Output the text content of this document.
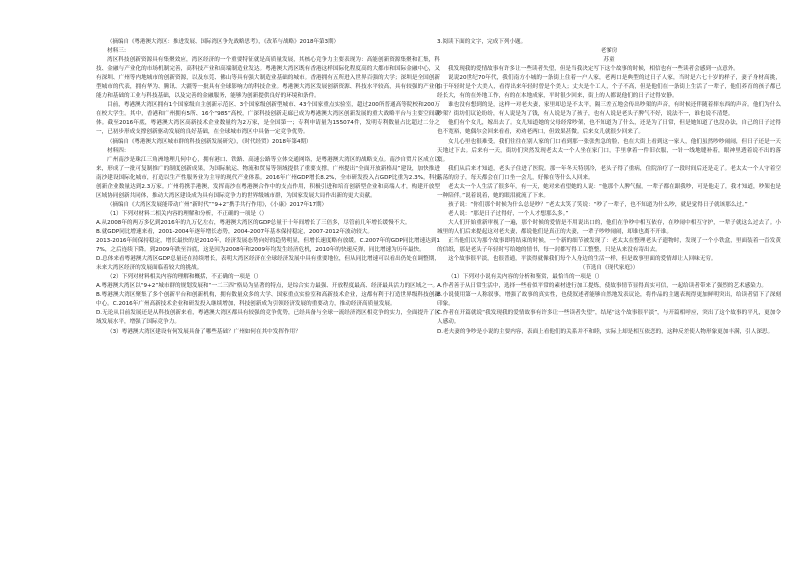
（摘编自《粤港澳大湾区：推进发展、国际湾区争先战略思考》，《改革与战略》2018年第3期）

材料三：

湾区科技创新资源具有集聚效应，湾区经济的一个重要特征就是高质量发展，其核心竞争力主要表现为：高能创新资源集聚和汇集，科技、金融与产业化的市场机制完善，高科技产业和高端制造业发达。粤港澳大湾区既有香港这样国际化程度高的大都市和国际金融中心，又有深圳、广州等内地城市的创新资源，以及东莞、佛山等具有强大制造业基础的城市。香港拥有五所进入世界百强的大学；深圳是全国创新型城市的代表，拥有华为、腾讯、大疆等一批具有全球影响力的科技企业。粤港澳大湾区发展创新资源、科技水平较高，具有较强的产业化能力和基础的工业与科技基础，以及完善的金融服务，能够为创新提供良好的环境和条件。

目前，粤港澳大湾区拥有1个国家级自主创新示范区、3个国家级创新型城市、43个国家重点实验室，超过200所普通高等院校和200万在校大学生。其中，香港和广州拥有5所、16个“985”高校，广深科技创新走廊已成为粤港澳大湾区创新发展的重大战略平台与主要空间载体。截至2016年底，粤港澳大湾区高新技术企业数量约为2万家，是全国第一；专利申请量为155074件，发明专利数量占比超过二分之一，已初步形成支撑创新驱动发展的良好基础，在全球城市湾区中具备一定竞争优势。

（摘编自《粤港澳大湾区城市群的科技创新发展研究》，《时代经贸》2018年第4期）

材料四：

广州南沙是珠江三角洲地理几何中心，拥有港口、铁路、高速公路等立体交通网络，是粤港澳大湾区的战略支点。南沙自贸片区成立以来，形成了一批可复制推广的制度创新成果，为国际航运、物流和贸易等领域提供了重要支撑。广州提出“全面开放新格局”建设，加快推进南沙建设国际化城市，打造以生产性服务业为主导的现代产业体系。2016年广州GDP增长8.2%，全市研发投入占GDP比重为2.3%，科技创新企业数量达到2.3万家。广州将携手港澳，发挥南沙在粤港澳合作中的支点作用，积极引进和培育创新型企业和高端人才，构建开放型区域协同创新共同体，推动大湾区建设成为具有国际竞争力的世界级城市群，为国家发展大局作出新的更大贡献。

（摘编自《大湾区发展能带动广州“新时代”“9+2”携手共行作用》，《小康》2017年17期）

（1）下列对材料二相关内容的理解和分析，不正确的一项是（）

A.从2008年的两万多亿到2016年的九万亿左右，粤港澳大湾区的GDP总量于十年间增长了三倍多，尽管前几年增长缓慢不大。

B.就GDP同比增速来看，2001-2004年逐年增长态势，2004-2007年基本保持稳定，2007-2012年波动较大。

2013-2016年间保持稳定，增长最快的是2010年，经济发展态势向好的趋势明显，但增长速度略有放缓。C.2007年的GDP同比增速达到17%，之后连续下降。到2009年跌至谷底，这是因为2008年和2009年均发生经济危机，2010年的快速反弹，同比增速为历年最快。

D.总体来看粤港澳大湾区GDP总量还在持续增长，表明大湾区经济在全球经济发展中具有重要地位，但从同比增速可以看出仍处在调整期，未来大湾区经济的发展面临着较大的挑战。

（2）下列对材料相关内容的理解和概括，不正确的一项是（）

A.粤港澳大湾区以“9+2”城市群的规划发展和“一二三四”格局为显著的特点，是综合实力最强、开放程度最高、经济最具活力的区域之一。

B.粤港澳大湾区聚集了多个创新平台和创新机构，拥有数量众多的大学、国家重点实验室和高新技术企业，这都有利于打造世界级科技创新中心。C.2016年广州高新技术企业和研发投入继续增加，科技创新成为引领经济发展的重要动力，推动经济高质量发展。

D.无论从目前发展还是从科技创新来看，粤港澳大湾区都具有较强的竞争优势，已经具备与全球一流经济湾区相竞争的实力，全面提升了区域发展水平，增强了国际竞争力。

（3）粤港澳大湾区建设有何发展具备了哪些基础？广州如何在其中发挥作用？

3.阅读下面的文字，完成下列小题。

老爹房

苏童

我发现我的爱情故事有许多让一些读者失望，但是当我决定写下这个故事的时候，相信也有一些读者会感到一点意外。

说说20世纪70年代，我们南方小城的一条街上住着一户人家，老两口是典型的过日子人家，当时是六七十岁的样子，妻子身材高挑，由于年轻时是个大美人，看得出来年轻时曾是个美人；丈夫是个工人，个子不高，但是他们在一条街上生活了一辈子，他们养育的孩子都已经长大，有的在外地工作，有的在本地成家，平时很少回来，街上的人都说他们的日子过得安静。

谁也没有想到的是，这样一对老夫妻，家里却总是不太平，隔三差五地会传出吵架的声音，有时候还伴随着摔东西的声音。他们为什么吵架？街坊们议论纷纷，有人说是为了钱，有人说是为了孩子，也有人说是老头子脾气不好，说法不一，谁也说不清楚。

他们有个女儿，嫁出去了。女儿知道她的父母经常吵架，也不知道为了什么，还是为了日常，但是她知道了也没办法，自己的日子过得也不宽裕，她偶尔会回来看看，劝劝老两口，但效果甚微。后来女儿就很少回来了。

女儿心里也很难受，我们往往在别人家的门口看到那一张张焦急的脸，也在大街上看到这一家人，他们虽然吵吵闹闹，但日子还是一天天地过下去。后来有一天，街坊们突然发现老太太一个人坐在家门口，手里拿着一件旧衣服，一针一线地缝补着，眼神里透着说不出的落寞。

我们从后来才知道，老头子住进了医院。那一年冬天特别冷，老头子得了重病，住院治疗了一段时间后还是走了。老太太一个人守着空荡荡的房子，每天都会在门口坐一会儿，好像在等什么人回来。

老太太一个人生活了很多年，有一天，她对来看望她的人说：“他那个人脾气倔，一辈子都在跟我吵，可是他走了，我才知道，吵架也是一种陪伴。”说着说着，她的眼泪就流了下来。

孩子说：“你们那个时候为什么总是吵？”老太太笑了笑说：“吵了一辈子，也不知道为什么吵，就是觉得日子就该那么过。”

老人说：“那是日子过得好，一个人才想那么多。”

大人们开始重新审视了一遍，那个时候的爱情是不用说出口的，他们在争吵中相互依存，在吵闹中相互守护，一辈子就这么过去了。小城里的人们后来提起这对老夫妻，都说他们是真正的夫妻，一辈子吵吵闹闹，却谁也离不开谁。

正当他们以为那个故事即将结束的时候，一个新的细节被发现了：老太太在整理老头子遗物时，发现了一个小铁盒，里面装着一沓发黄的信纸，那是老头子年轻时写给她的情书，每一封都写得工工整整，只是从来没有寄出去。

这个故事很平淡，也很普通，平淡得就像我们每个人身边的生活一样，但是故事里面的爱情却让人回味无穷。

（节选自《现代家庭》）

（1）下列对小说有关内容的分析和鉴赏，最恰当的一项是（）

A.作者善于从日常生活中，选择一些看似平常的素材进行加工提炼，使故事情节显得真实可信，一起给读者带来了强烈的艺术感染力。

B.小说使用第一人称叙事，增强了故事的真实性，也使叙述者能够自然地发表议论，将作品的主题表现得更加鲜明突出，给读者留下了深刻印象。

C.作者在开篇就说“我发现我的爱情故事有许多让一些读者失望”，结尾“这个故事很平淡”，与开篇相呼应，突出了这个故事的平凡，更加令人感动。

D.老夫妻的争吵是小说的主要内容，表面上看他们的关系并不和睦，实际上却是相互依恋的，这种反差使人物形象更加丰满，引人深思。
